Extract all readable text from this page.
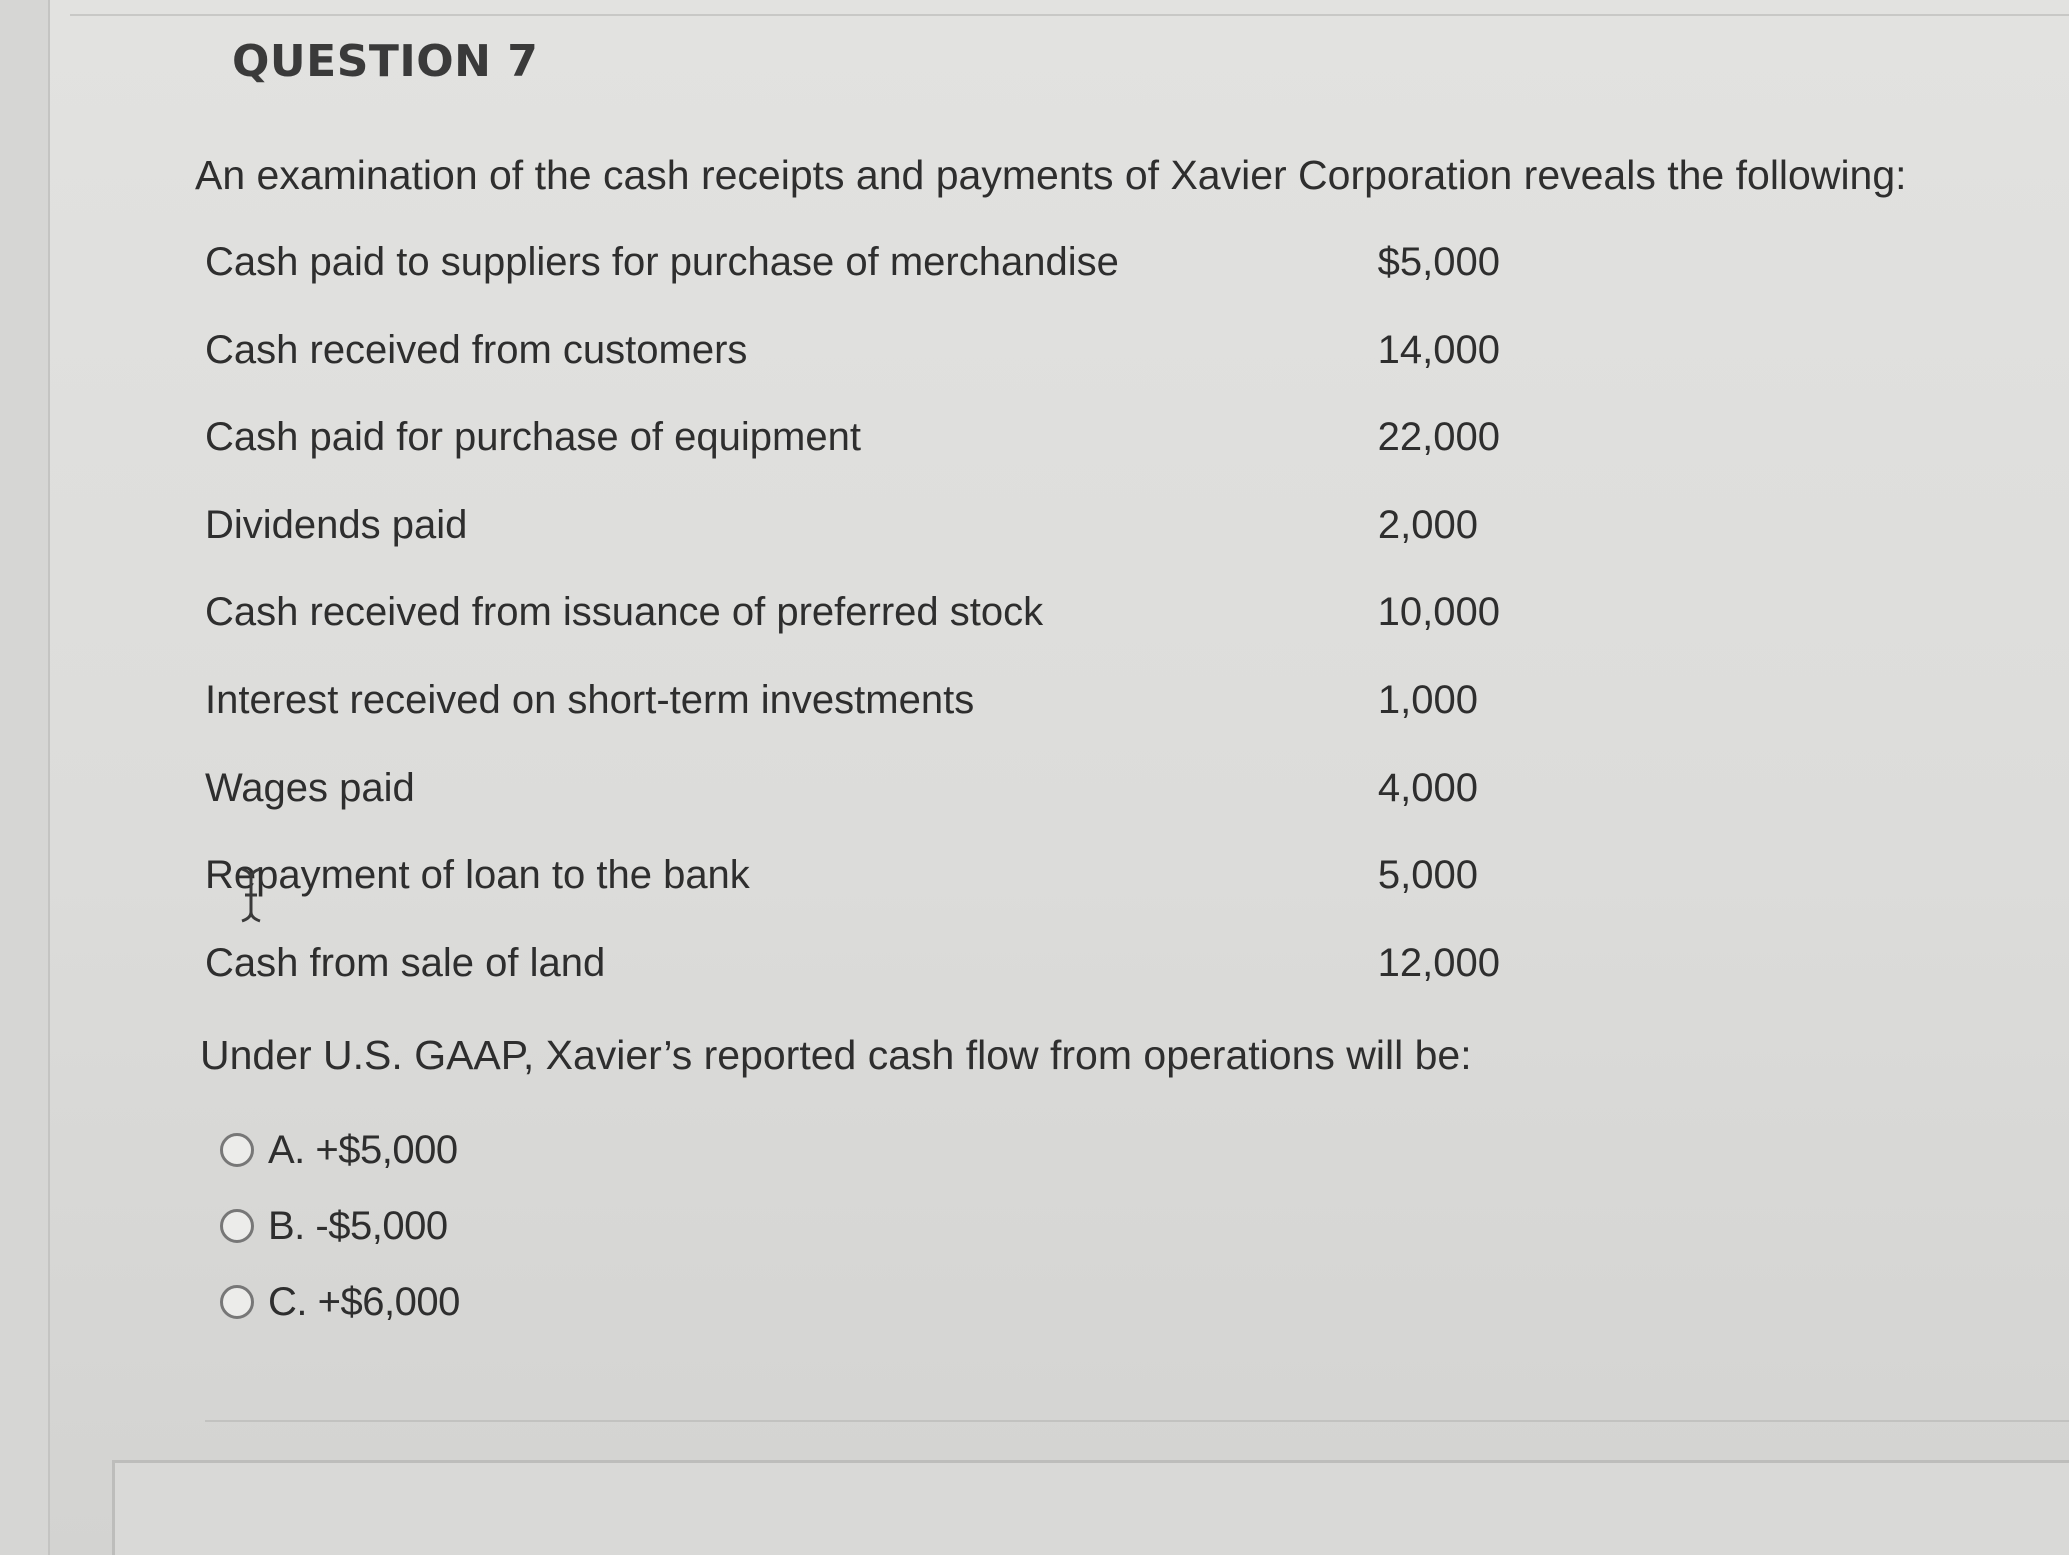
QUESTION 7
An examination of the cash receipts and payments of Xavier Corporation reveals the following:
Cash paid to suppliers for purchase of merchandise	$5,000
Cash received from customers	14,000
Cash paid for purchase of equipment	22,000
Dividends paid	2,000
Cash received from issuance of preferred stock	10,000
Interest received on short-term investments	1,000
Wages paid	4,000
Repayment of loan to the bank	5,000
Cash from sale of land	12,000
Under U.S. GAAP, Xavier’s reported cash flow from operations will be:
A. +$5,000
B. -$5,000
C. +$6,000
